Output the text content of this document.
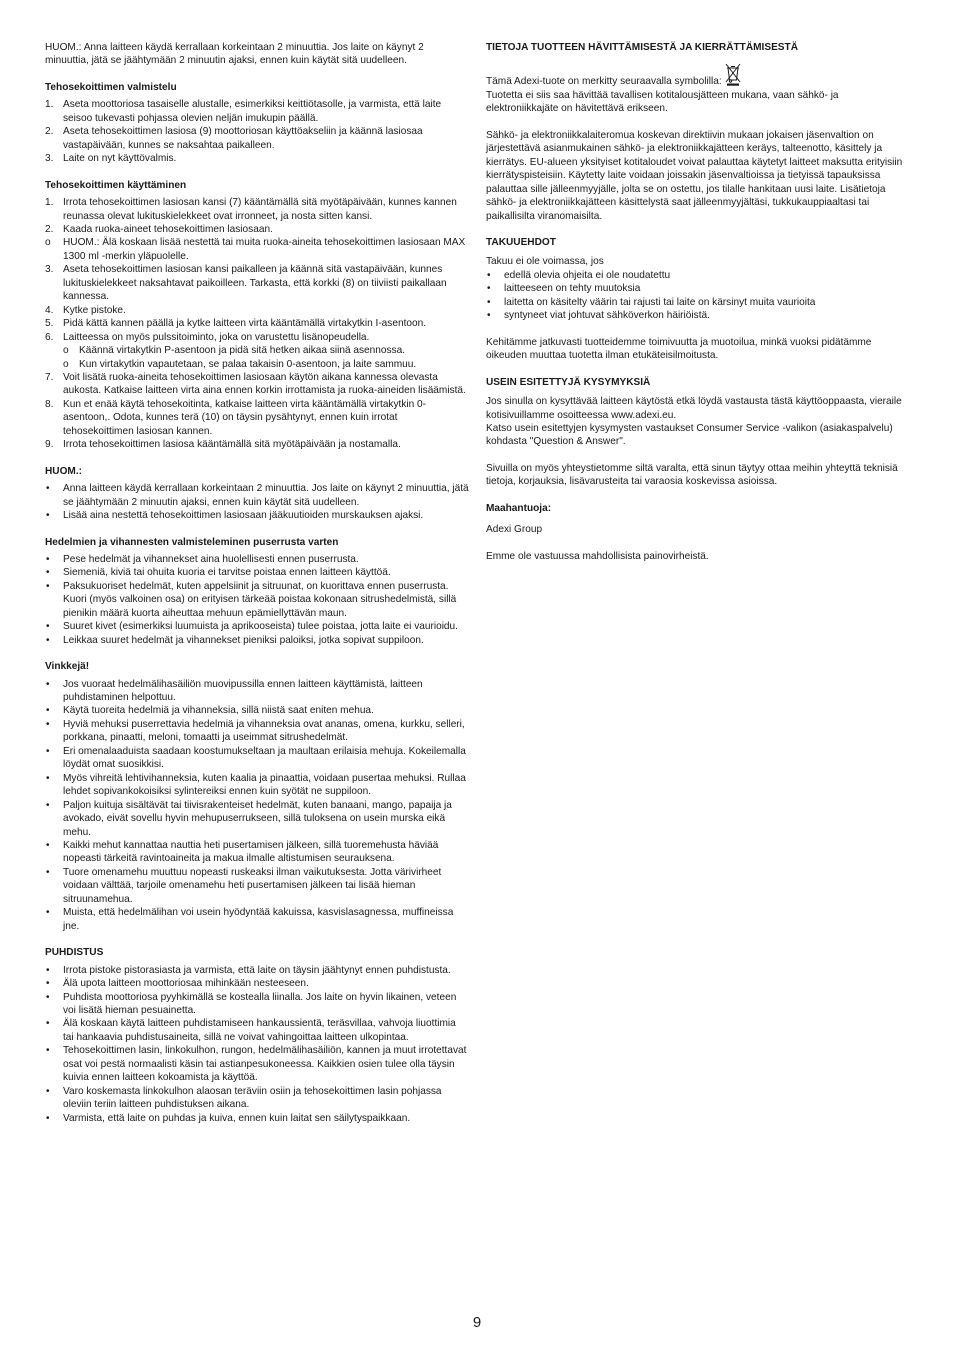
HUOM.: Anna laitteen käydä kerrallaan korkeintaan 2 minuuttia. Jos laite on käynyt 2 minuuttia, jätä se jäähtymään 2 minuutin ajaksi, ennen kuin käytät sitä uudelleen.

Tehosekoittimen valmistelu
1. Aseta moottoriosa tasaiselle alustalle, esimerkiksi keittiötasolle, ja varmista, että laite seisoo tukevasti pohjassa olevien neljän imukupin päällä.
2. Aseta tehosekoittimen lasiosa (9) moottoriosan käyttöakseliin ja käännä lasiosaa vastapäivään, kunnes se naksahtaa paikalleen.
3. Laite on nyt käyttövalmis.
Tehosekoittimen käyttäminen
1. Irrota tehosekoittimen lasiosan kansi (7) kääntämällä sitä myötäpäivään, kunnes kannen reunassa olevat lukituskielekkeet ovat irronneet, ja nosta sitten kansi.
2. Kaada ruoka-aineet tehosekoittimen lasiosaan.
o HUOM.: Älä koskaan lisää nestettä tai muita ruoka-aineita tehosekoittimen lasiosaan MAX 1300 ml -merkin yläpuolelle.
3. Aseta tehosekoittimen lasiosan kansi paikalleen ja käännä sitä vastapäivään, kunnes lukituskielekkeet naksahtavat paikoilleen. Tarkasta, että korkki (8) on tiiviisti paikallaan kannessa.
4. Kytke pistoke.
5. Pidä kättä kannen päällä ja kytke laitteen virta kääntämällä virtakytkin I-asentoon.
6. Laitteessa on myös pulssitoiminto, joka on varustettu lisänopeudella.
o Käännä virtakytkin P-asentoon ja pidä sitä hetken aikaa siinä asennossa.
o Kun virtakytkin vapautetaan, se palaa takaisin 0-asentoon, ja laite sammuu.
7. Voit lisätä ruoka-aineita tehosekoittimen lasiosaan käytön aikana kannessa olevasta aukosta. Katkaise laitteen virta aina ennen korkin irrottamista ja ruoka-aineiden lisäämistä.
8. Kun et enää käytä tehosekoitinta, katkaise laitteen virta kääntämällä virtakytkin 0-asentoon,. Odota, kunnes terä (10) on täysin pysähtynyt, ennen kuin irrotat tehosekoittimen lasiosan kannen.
9. Irrota tehosekoittimen lasiosa kääntämällä sitä myötäpäivään ja nostamalla.
HUOM.:
• Anna laitteen käydä kerrallaan korkeintaan 2 minuuttia. Jos laite on käynyt 2 minuuttia, jätä se jäähtymään 2 minuutin ajaksi, ennen kuin käytät sitä uudelleen.
• Lisää aina nestettä tehosekoittimen lasiosaan jääkuutioiden murskauksen ajaksi.
Hedelmien ja vihannesten valmisteleminen puserrusta varten
• Pese hedelmät ja vihannekset aina huolellisesti ennen puserrusta.
• Siemeniä, kiviä tai ohuita kuoria ei tarvitse poistaa ennen laitteen käyttöä.
• Paksukuoriset hedelmät, kuten appelsiinit ja sitruunat, on kuorittava ennen puserrusta. Kuori (myös valkoinen osa) on erityisen tärkeää poistaa kokonaan sitrushedelmistä, sillä pienikin määrä kuorta aiheuttaa mehuun epämiellyttävän maun.
• Suuret kivet (esimerkiksi luumuista ja aprikooseista) tulee poistaa, jotta laite ei vaurioidu.
• Leikkaa suuret hedelmät ja vihannekset pieniksi paloiksi, jotka sopivat suppiloon.
Vinkkejä!
• Jos vuoraat hedelmälihasäiliön muovipussilla ennen laitteen käyttämistä, laitteen puhdistaminen helpottuu.
• Käytä tuoreita hedelmiä ja vihanneksia, sillä niistä saat eniten mehua.
• Hyviä mehuksi puserrettavia hedelmiä ja vihanneksia ovat ananas, omena, kurkku, selleri, porkkana, pinaatti, meloni, tomaatti ja useimmat sitrushedelmät.
• Eri omenalaaduista saadaan koostumukseltaan ja maultaan erilaisia mehuja. Kokeilemalla löydät omat suosikkisi.
• Myös vihreitä lehtivihanneksia, kuten kaalia ja pinaattia, voidaan pusertaa mehuksi. Rullaa lehdet sopivankokoisiksi sylintereiksi ennen kuin syötät ne suppiloon.
• Paljon kuituja sisältävät tai tiivisrakenteiset hedelmät, kuten banaani, mango, papaija ja avokado, eivät sovellu hyvin mehupuserrukseen, sillä tuloksena on usein murska eikä mehu.
• Kaikki mehut kannattaa nauttia heti pusertamisen jälkeen, sillä tuoremehusta häviää nopeasti tärkeitä ravintoaineita ja makua ilmalle altistumisen seurauksena.
• Tuore omenamehu muuttuu nopeasti ruskeaksi ilman vaikutuksesta. Jotta värivirheet voidaan välttää, tarjoile omenamehu heti pusertamisen jälkeen tai lisää hieman sitruunamehua.
• Muista, että hedelmälihan voi usein hyödyntää kakuissa, kasvislasagnessa, muffineissa jne.
PUHDISTUS
• Irrota pistoke pistorasiasta ja varmista, että laite on täysin jäähtynyt ennen puhdistusta.
• Älä upota laitteen moottoriosaa mihinkään nesteeseen.
• Puhdista moottoriosa pyyhkimällä se kostealla liinalla. Jos laite on hyvin likainen, veteen voi lisätä hieman pesuainetta.
• Älä koskaan käytä laitteen puhdistamiseen hankaussientä, teräsvillaa, vahvoja liuottimia tai hankaavia puhdistusaineita, sillä ne voivat vahingoittaa laitteen ulkopintaa.
• Tehosekoittimen lasin, linkokulhon, rungon, hedelmälihasäiliön, kannen ja muut irrotettavat osat voi pestä normaalisti käsin tai astianpesukoneessa. Kaikkien osien tulee olla täysin kuivia ennen laitteen kokoamista ja käyttöä.
• Varo koskemasta linkokulhon alaosan teräviin osiin ja tehosekoittimen lasin pohjassa oleviin teriin laitteen puhdistuksen aikana.
• Varmista, että laite on puhdas ja kuiva, ennen kuin laitat sen säilytyspaikkaan.
TIETOJA TUOTTEEN HÄVITTÄMISESTÄ JA KIERRÄTTÄMISESTÄ

Tämä Adexi-tuote on merkitty seuraavalla symbolilla:
Tuotetta ei siis saa hävittää tavallisen kotitalousjätteen mukana, vaan sähkö- ja elektroniikkajäte on hävitettävä erikseen.

Sähkö- ja elektroniikkalaiteromua koskevan direktiivin mukaan jokaisen jäsenvaltion on järjestettävä asianmukainen sähkö- ja elektroniikkajätteen keräys, talteenotto, käsittely ja kierrätys. EU-alueen yksityiset kotitaloudet voivat palauttaa käytetyt laitteet maksutta erityisiin kierrätyspisteisiin. Käytetty laite voidaan joissakin jäsenvaltioissa ja tietyissä tapauksissa palauttaa sille jälleenmyyjälle, jolta se on ostettu, jos tilalle hankitaan uusi laite. Lisätietoja sähkö- ja elektroniikkajätteen käsittelystä saat jälleenmyyjältäsi, tukkukauppiaaltasi tai paikallisilta viranomaisilta.

TAKUUEHDOT

Takuu ei ole voimassa, jos

• edellä olevia ohjeita ei ole noudatettu
• laitteeseen on tehty muutoksia
• laitetta on käsitelty väärin tai rajusti tai laite on kärsinyt muita vaurioita
• syntyneet viat johtuvat sähköverkon häiriöistä.

Kehitämme jatkuvasti tuotteidemme toimivuutta ja muotoilua, minkä vuoksi pidätämme oikeuden muuttaa tuotetta ilman etukäteisilmoitusta.

USEIN ESITETTYJÄ KYSYMYKSIÄ

Jos sinulla on kysyttävää laitteen käytöstä etkä löydä vastausta tästä käyttöoppaasta, vieraile kotisivuillamme osoitteessa www.adexi.eu.

Katso usein esitettyjen kysymysten vastaukset Consumer Service -valikon (asiakaspalvelu) kohdasta "Question & Answer".

Sivuilla on myös yhteystietomme siltä varalta, että sinun täytyy ottaa meihin yhteyttä teknisiä tietoja, korjauksia, lisävarusteita tai varaosia koskevissa asioissa.

Maahantuoja:

Adexi Group

Emme ole vastuussa mahdollisista painovirheistä.

9
